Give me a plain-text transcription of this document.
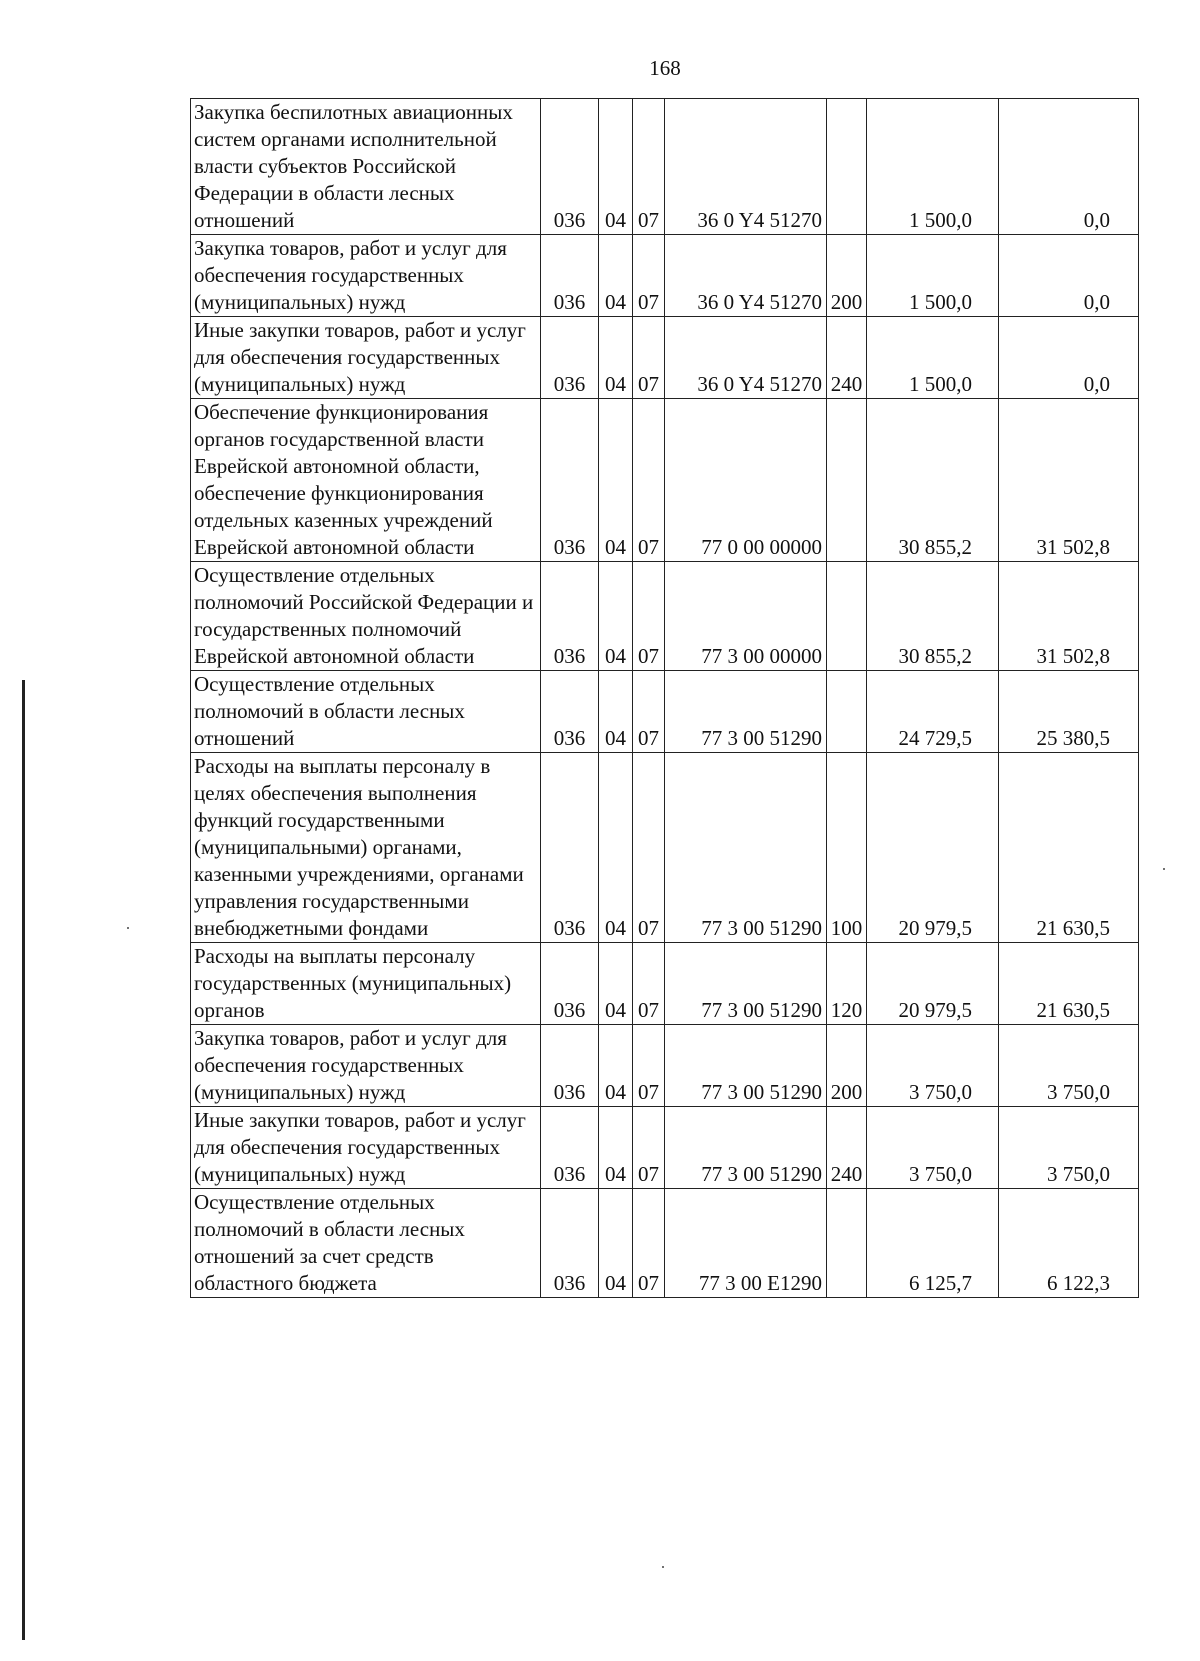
168
Закупка беспилотных авиационных систем органами исполнительной власти субъектов Российской Федерации в области лесных отношений	036	04	07	36 0 Y4 51270		1 500,0	0,0
Закупка товаров, работ и услуг для обеспечения государственных (муниципальных) нужд	036	04	07	36 0 Y4 51270	200	1 500,0	0,0
Иные закупки товаров, работ и услуг для обеспечения государственных (муниципальных) нужд	036	04	07	36 0 Y4 51270	240	1 500,0	0,0
Обеспечение функционирования органов государственной власти Еврейской автономной области, обеспечение функционирования отдельных казенных учреждений Еврейской автономной области	036	04	07	77 0 00 00000		30 855,2	31 502,8
Осуществление отдельных полномочий Российской Федерации и государственных полномочий Еврейской автономной области	036	04	07	77 3 00 00000		30 855,2	31 502,8
Осуществление отдельных полномочий в области лесных отношений	036	04	07	77 3 00 51290		24 729,5	25 380,5
Расходы на выплаты персоналу в целях обеспечения выполнения функций государственными (муниципальными) органами, казенными учреждениями, органами управления государственными внебюджетными фондами	036	04	07	77 3 00 51290	100	20 979,5	21 630,5
Расходы на выплаты персоналу государственных (муниципальных) органов	036	04	07	77 3 00 51290	120	20 979,5	21 630,5
Закупка товаров, работ и услуг для обеспечения государственных (муниципальных) нужд	036	04	07	77 3 00 51290	200	3 750,0	3 750,0
Иные закупки товаров, работ и услуг для обеспечения государственных (муниципальных) нужд	036	04	07	77 3 00 51290	240	3 750,0	3 750,0
Осуществление отдельных полномочий в области лесных отношений за счет средств областного бюджета	036	04	07	77 3 00 E1290		6 125,7	6 122,3
